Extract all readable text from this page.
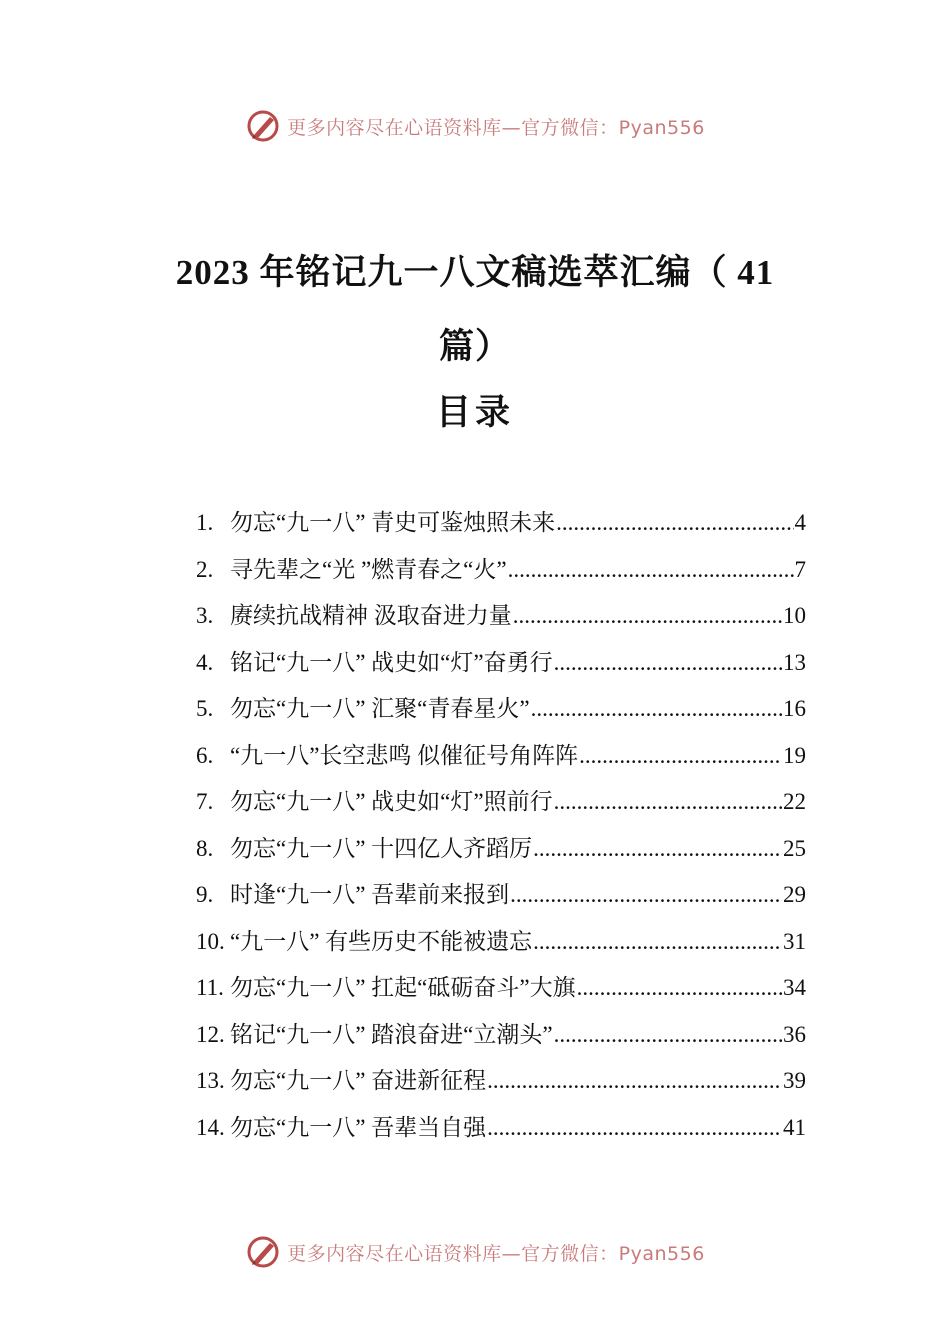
更多内容尽在心语资料库—官方微信：Pyan556
2023 年铭记九一八文稿选萃汇编（ 41 篇）
目录
1. 勿忘“九一八” 青史可鉴烛照未来 .....	4
2. 寻先辈之“光 ”燃青春之“火” .....	7
3. 赓续抗战精神 汲取奋进力量 .....	10
4. 铭记“九一八” 战史如“灯”奋勇行 .....	13
5. 勿忘“九一八” 汇聚“青春星火” .....	16
6. “九一八”长空悲鸣 似催征号角阵阵 .....	19
7. 勿忘“九一八” 战史如“灯”照前行 .....	22
8. 勿忘“九一八” 十四亿人齐蹈厉 .....	25
9. 时逢“九一八” 吾辈前来报到 .....	29
10. “九一八” 有些历史不能被遗忘 .....	31
11. 勿忘“九一八” 扛起“砥砺奋斗”大旗 .....	34
12. 铭记“九一八” 踏浪奋进“立潮头” .....	36
13. 勿忘“九一八” 奋进新征程 .....	39
14. 勿忘“九一八” 吾辈当自强 .....	41
更多内容尽在心语资料库—官方微信：Pyan556
